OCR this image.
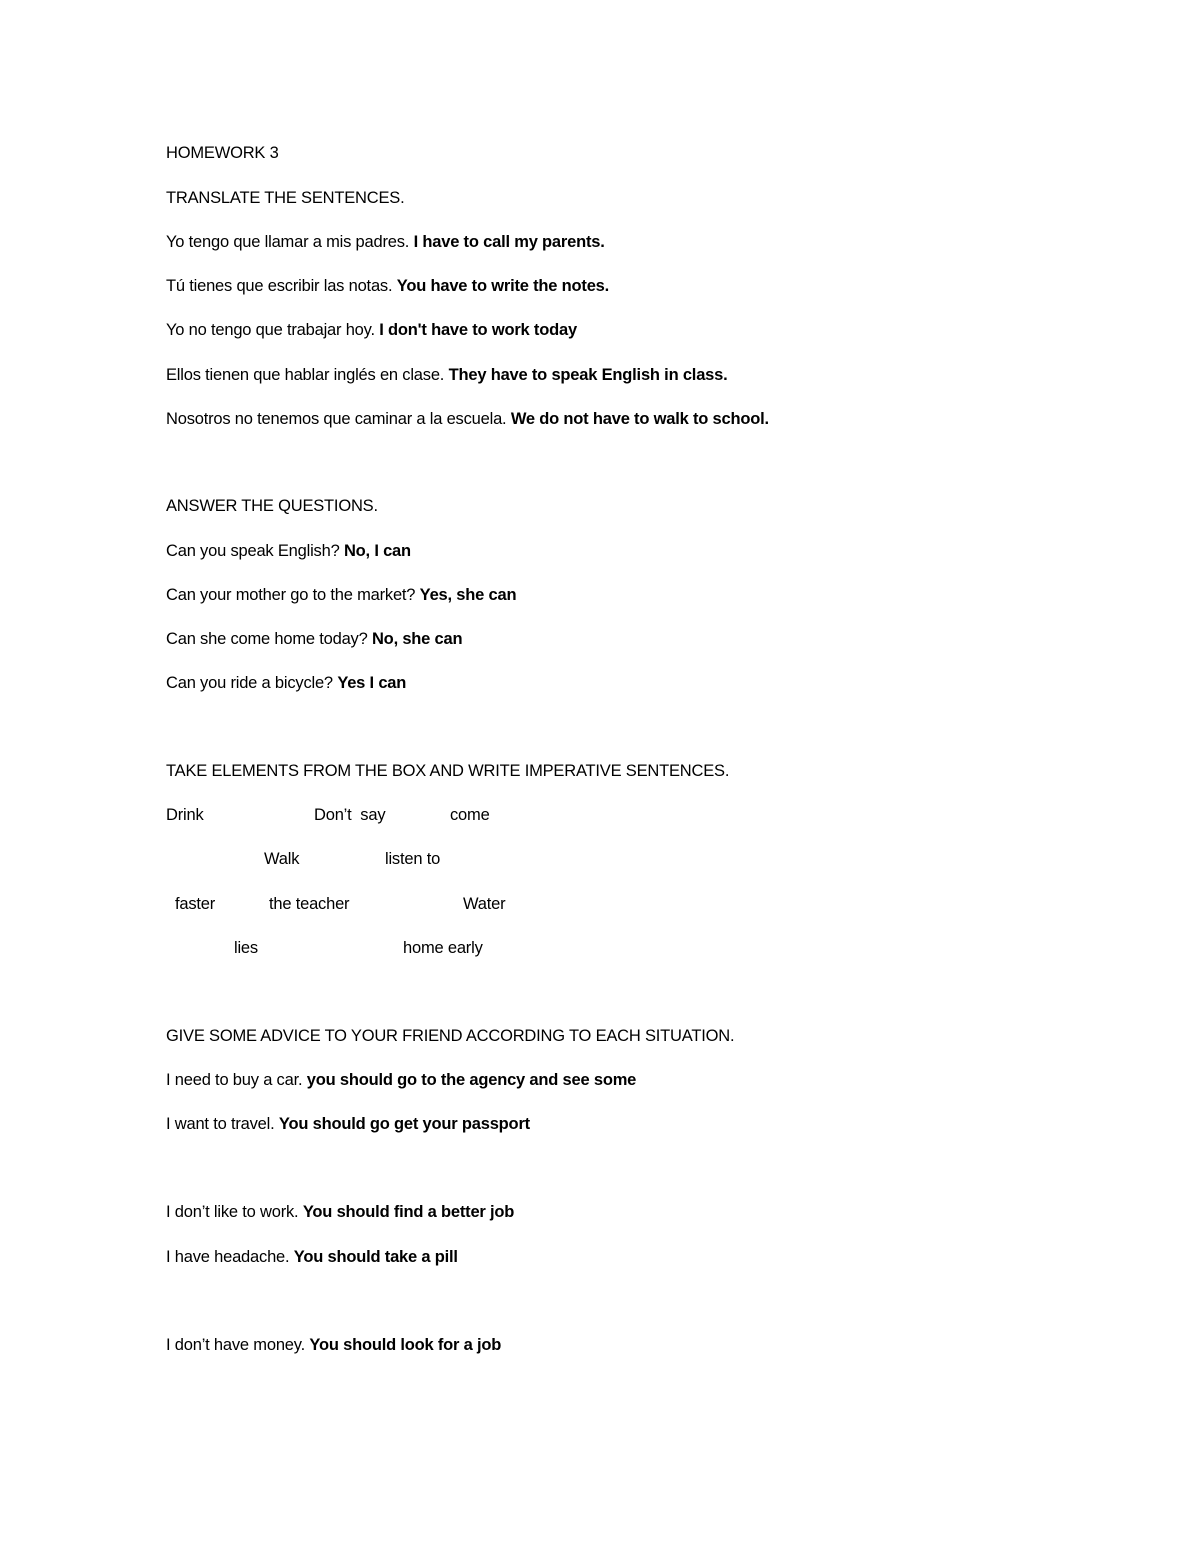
HOMEWORK 3
TRANSLATE THE SENTENCES.
Yo tengo que llamar a mis padres. I have to call my parents.
Tú tienes que escribir las notas. You have to write the notes.
Yo no tengo que trabajar hoy. I don't have to work today
Ellos tienen que hablar inglés en clase. They have to speak English in class.
Nosotros no tenemos que caminar a la escuela. We do not have to walk to school.
ANSWER THE QUESTIONS.
Can you speak English? No, I can
Can your mother go to the market? Yes, she can
Can she come home today? No, she can
Can you ride a bicycle? Yes I can
TAKE ELEMENTS FROM THE BOX AND WRITE IMPERATIVE SENTENCES.
Drink	Don’t  say	come
Walk	listen to
faster	the teacher	Water
lies	home early
GIVE SOME ADVICE TO YOUR FRIEND ACCORDING TO EACH SITUATION.
I need to buy a car. you should go to the agency and see some
I want to travel. You should go get your passport
I don’t like to work. You should find a better job
I have headache. You should take a pill
I don’t have money. You should look for a job
